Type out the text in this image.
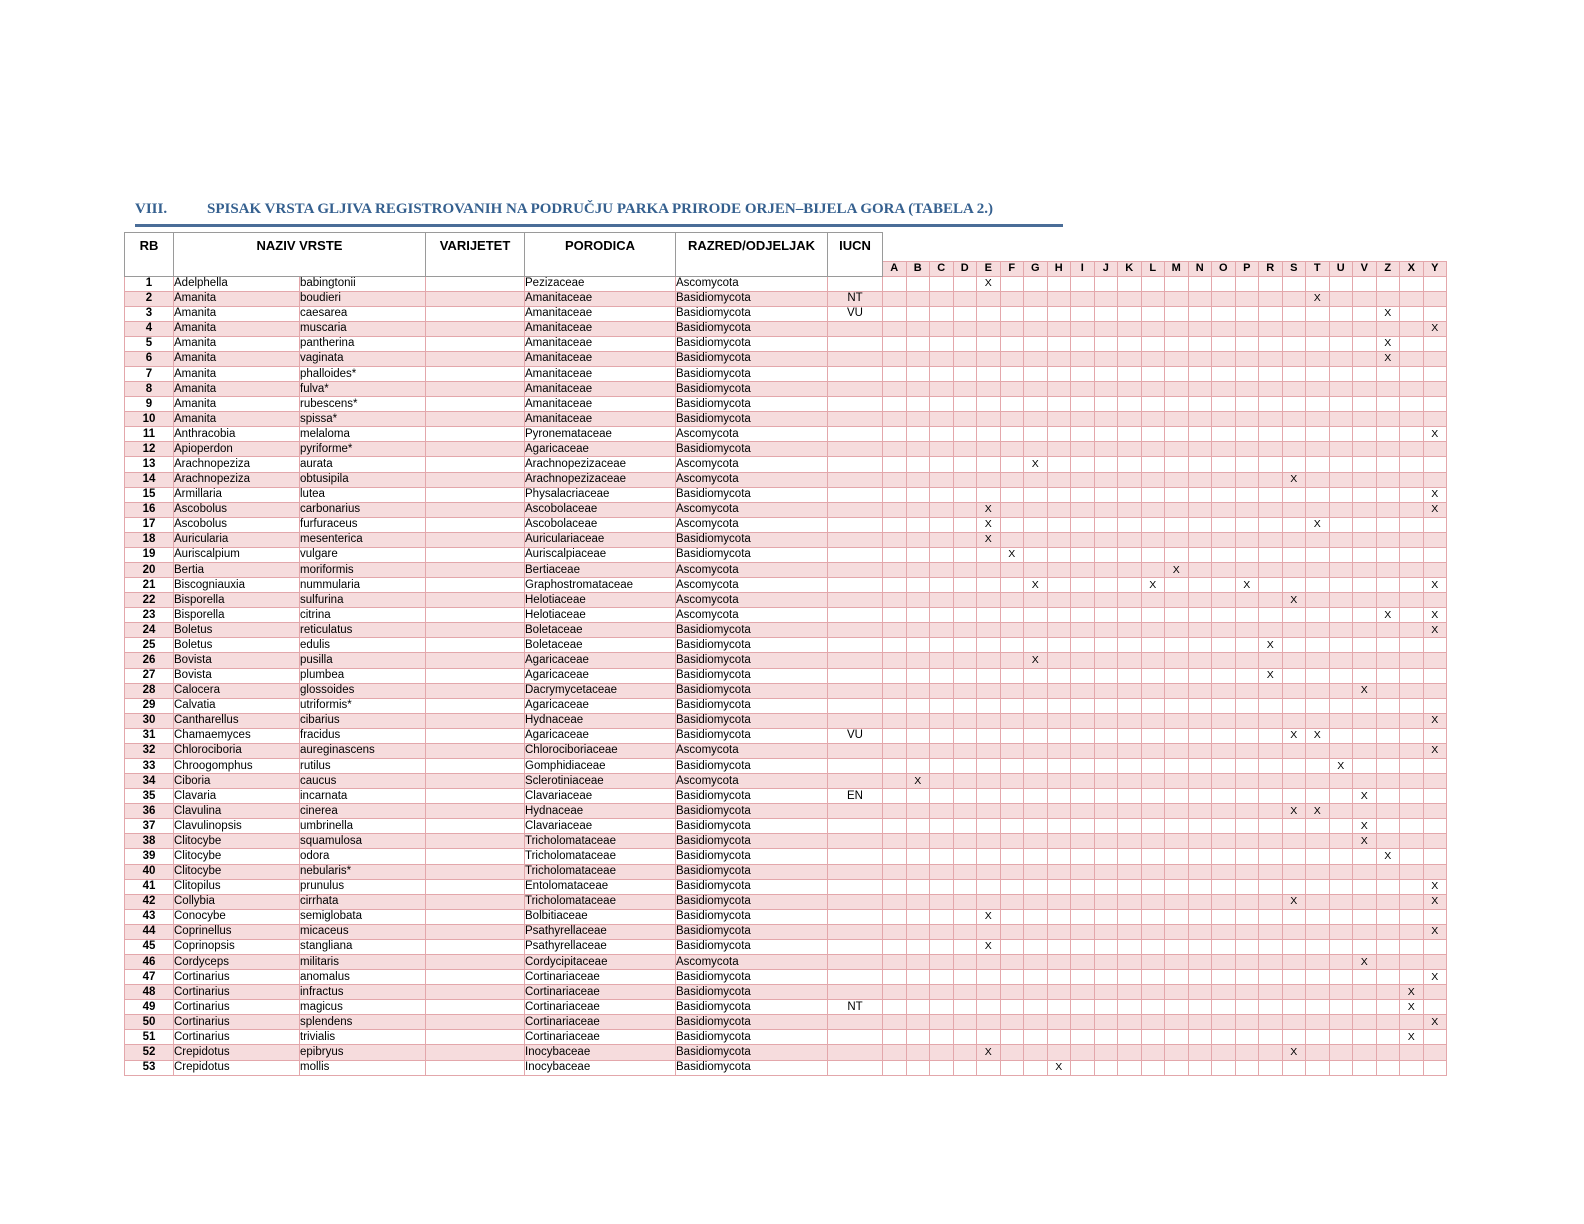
VIII.	SPISAK VRSTA GLJIVA REGISTROVANIH NA PODRUČJU PARKA PRIRODE ORJEN–BIJELA GORA (TABELA 2.)
RB	NAZIV VRSTE		VARIJETET	PORODICA	RAZRED/ODJELJAK	IUCN																								
							A	B	C	D	E	F	G	H	I	J	K	L	M	N	O	P	R	S	T	U	V	Z	X	Y
1	Adelphella	babingtonii		Pezizaceae	Ascomycota						X																			
2	Amanita	boudieri		Amanitaceae	Basidiomycota	NT																			X					
3	Amanita	caesarea		Amanitaceae	Basidiomycota	VU																						X		
4	Amanita	muscaria		Amanitaceae	Basidiomycota																									X
5	Amanita	pantherina		Amanitaceae	Basidiomycota																							X		
6	Amanita	vaginata		Amanitaceae	Basidiomycota																							X		
7	Amanita	phalloides*		Amanitaceae	Basidiomycota																									
8	Amanita	fulva*		Amanitaceae	Basidiomycota																									
9	Amanita	rubescens*		Amanitaceae	Basidiomycota																									
10	Amanita	spissa*		Amanitaceae	Basidiomycota																									
11	Anthracobia	melaloma		Pyronemataceae	Ascomycota																									X
12	Apioperdon	pyriforme*		Agaricaceae	Basidiomycota																									
13	Arachnopeziza	aurata		Arachnopezizaceae	Ascomycota								X																	
14	Arachnopeziza	obtusipila		Arachnopezizaceae	Ascomycota																			X						
15	Armillaria	lutea		Physalacriaceae	Basidiomycota																									X
16	Ascobolus	carbonarius		Ascobolaceae	Ascomycota						X																			X
17	Ascobolus	furfuraceus		Ascobolaceae	Ascomycota						X														X					
18	Auricularia	mesenterica		Auriculariaceae	Basidiomycota						X																			
19	Auriscalpium	vulgare		Auriscalpiaceae	Basidiomycota							X																		
20	Bertia	moriformis		Bertiaceae	Ascomycota														X											
21	Biscogniauxia	nummularia		Graphostromataceae	Ascomycota								X					X				X								X
22	Bisporella	sulfurina		Helotiaceae	Ascomycota																			X						
23	Bisporella	citrina		Helotiaceae	Ascomycota																							X		X
24	Boletus	reticulatus		Boletaceae	Basidiomycota																									X
25	Boletus	edulis		Boletaceae	Basidiomycota																		X							
26	Bovista	pusilla		Agaricaceae	Basidiomycota								X																	
27	Bovista	plumbea		Agaricaceae	Basidiomycota																		X							
28	Calocera	glossoides		Dacrymycetaceae	Basidiomycota																						X			
29	Calvatia	utriformis*		Agaricaceae	Basidiomycota																									
30	Cantharellus	cibarius		Hydnaceae	Basidiomycota																									X
31	Chamaemyces	fracidus		Agaricaceae	Basidiomycota	VU																		X	X					
32	Chlorociboria	aureginascens		Chlorociboriaceae	Ascomycota																									X
33	Chroogomphus	rutilus		Gomphidiaceae	Basidiomycota																					X				
34	Ciboria	caucus		Sclerotiniaceae	Ascomycota			X																						
35	Clavaria	incarnata		Clavariaceae	Basidiomycota	EN																					X			
36	Clavulina	cinerea		Hydnaceae	Basidiomycota																			X	X					
37	Clavulinopsis	umbrinella		Clavariaceae	Basidiomycota																						X			
38	Clitocybe	squamulosa		Tricholomataceae	Basidiomycota																						X			
39	Clitocybe	odora		Tricholomataceae	Basidiomycota																							X		
40	Clitocybe	nebularis*		Tricholomataceae	Basidiomycota																									
41	Clitopilus	prunulus		Entolomataceae	Basidiomycota																									X
42	Collybia	cirrhata		Tricholomataceae	Basidiomycota																			X						X
43	Conocybe	semiglobata		Bolbitiaceae	Basidiomycota						X																			
44	Coprinellus	micaceus		Psathyrellaceae	Basidiomycota																									X
45	Coprinopsis	stangliana		Psathyrellaceae	Basidiomycota						X																			
46	Cordyceps	militaris		Cordycipitaceae	Ascomycota																						X			
47	Cortinarius	anomalus		Cortinariaceae	Basidiomycota																									X
48	Cortinarius	infractus		Cortinariaceae	Basidiomycota																								X	
49	Cortinarius	magicus		Cortinariaceae	Basidiomycota	NT																							X	
50	Cortinarius	splendens		Cortinariaceae	Basidiomycota																									X
51	Cortinarius	trivialis		Cortinariaceae	Basidiomycota																								X	
52	Crepidotus	epibryus		Inocybaceae	Basidiomycota						X													X						
53	Crepidotus	mollis		Inocybaceae	Basidiomycota									X																
